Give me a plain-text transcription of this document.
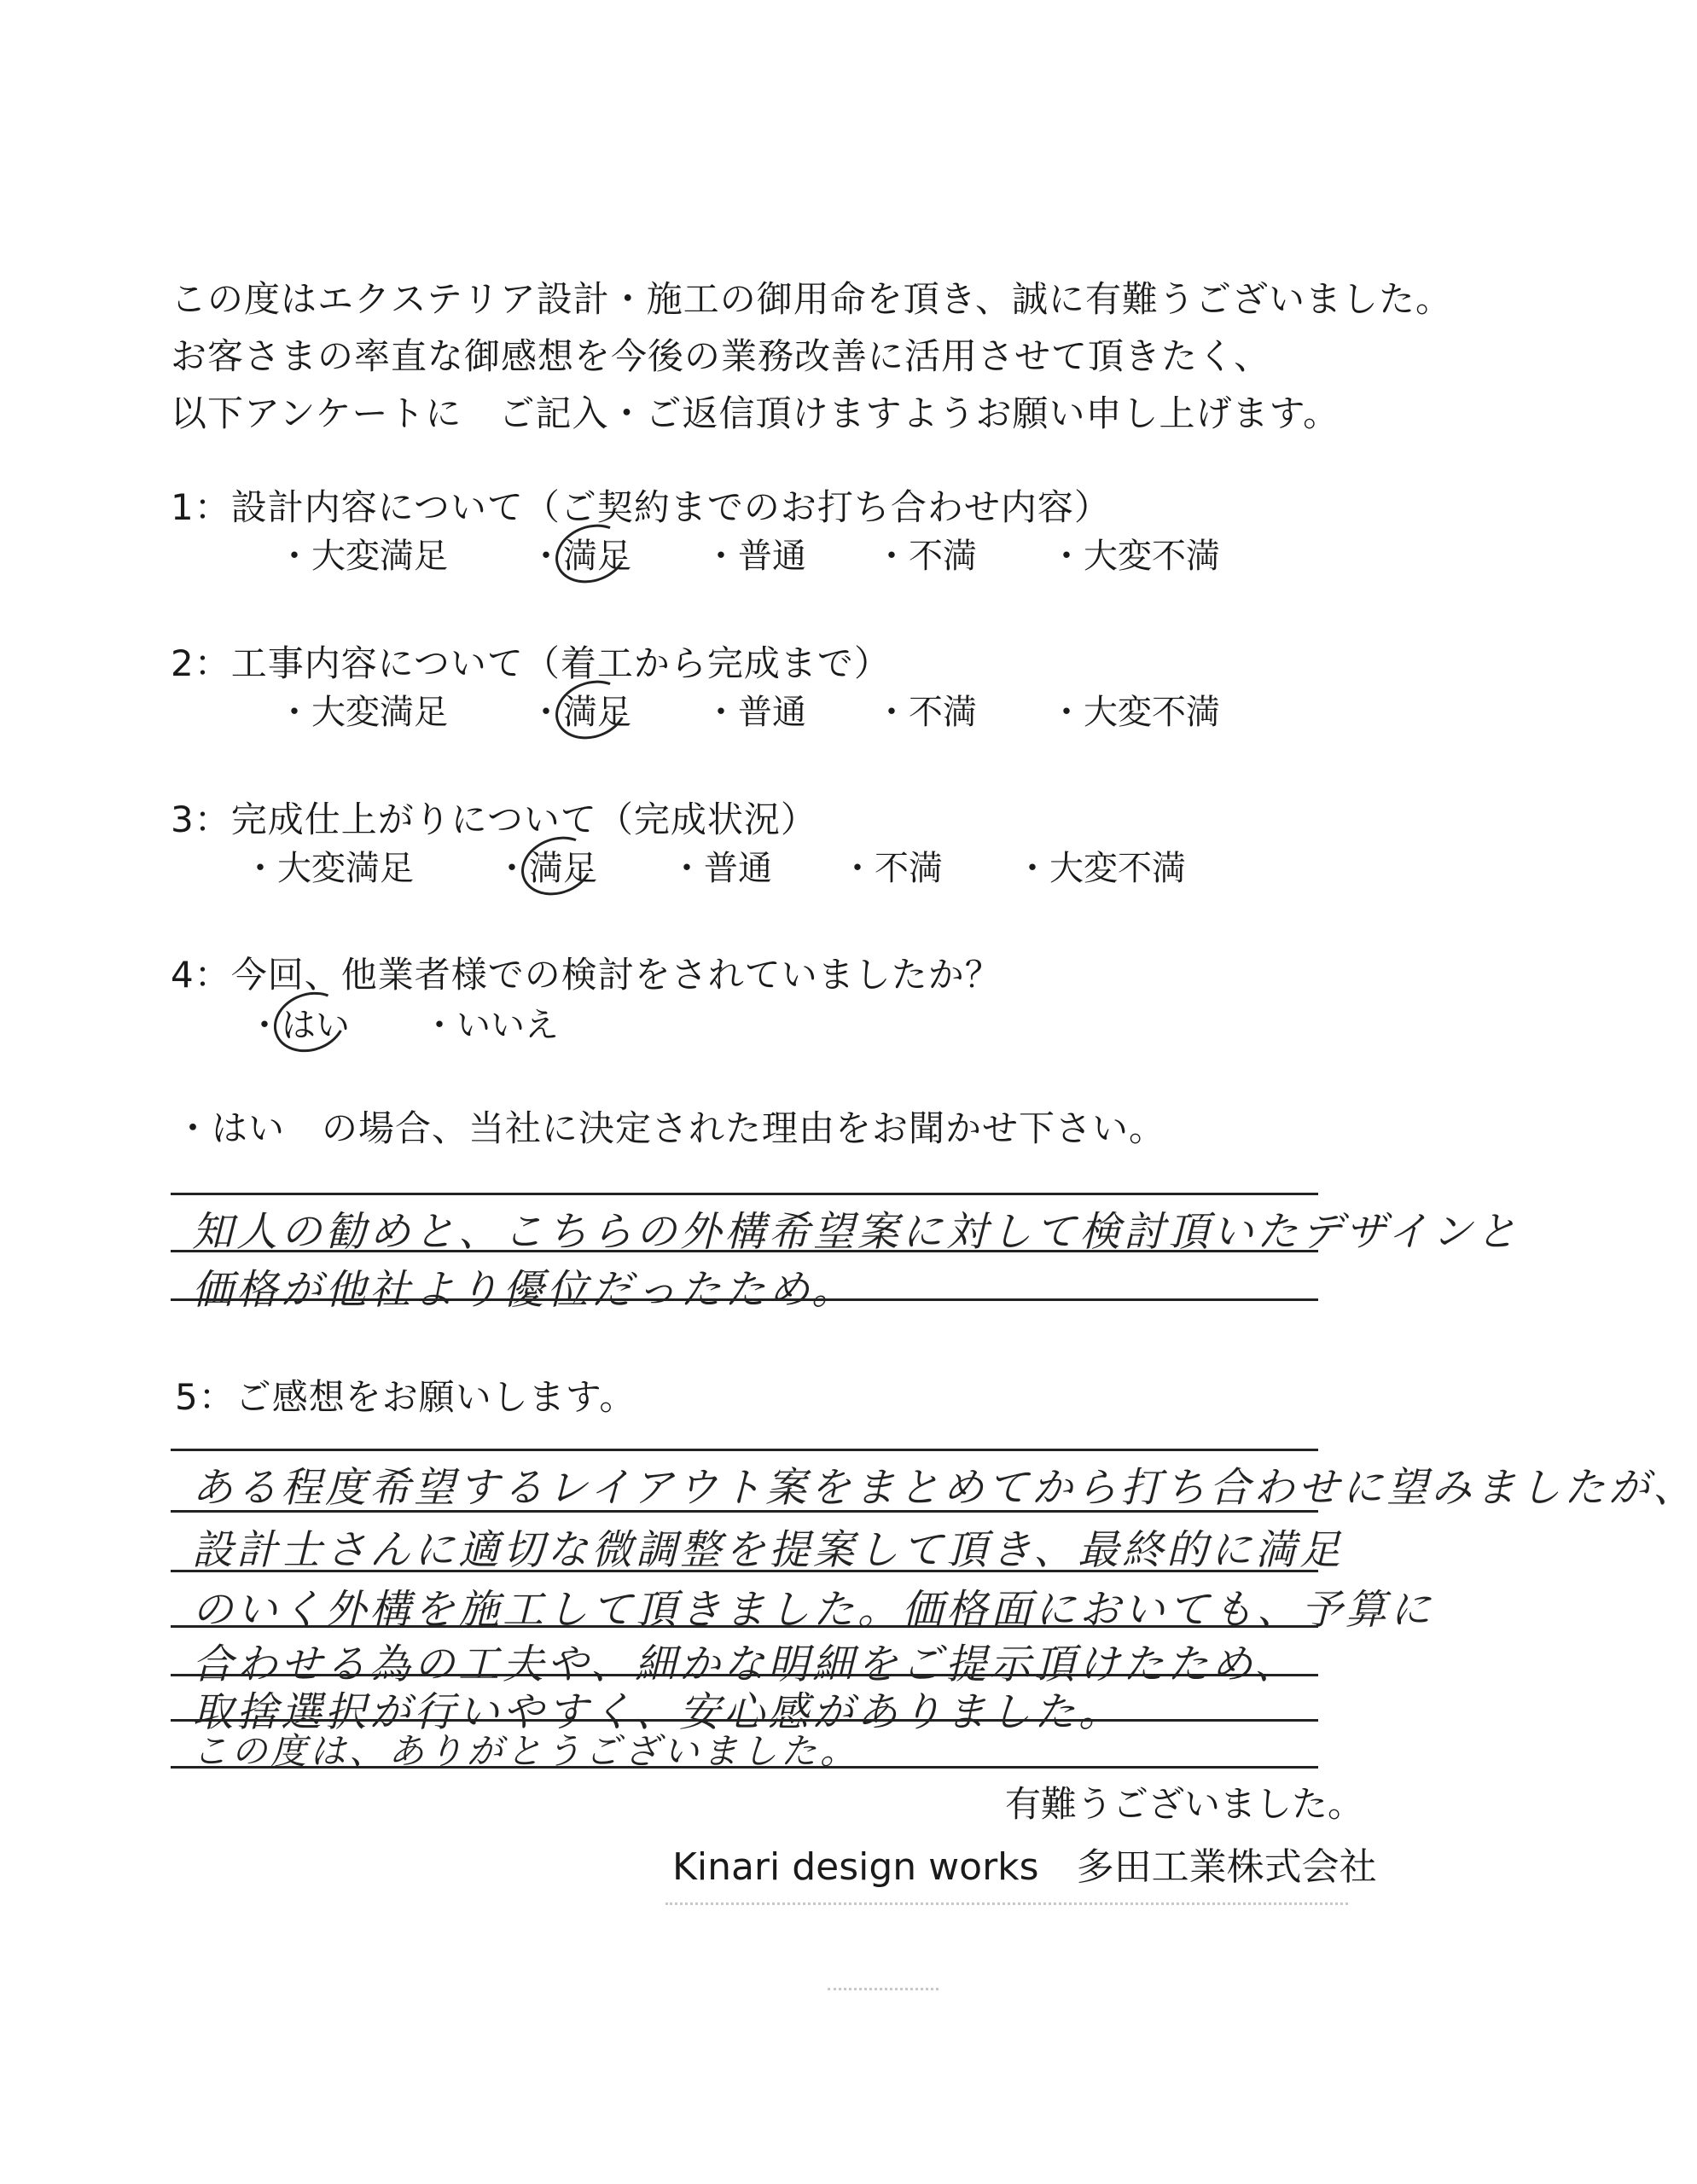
この度はエクステリア設計・施工の御用命を頂き、誠に有難うございました。
お客さまの率直な御感想を今後の業務改善に活用させて頂きたく、
以下アンケートに　ご記入・ご返信頂けますようお願い申し上げます。
1：設計内容について（ご契約までのお打ち合わせ内容）
・大変満足 ・満足 ・普通 ・不満 ・大変不満
2：工事内容について（着工から完成まで）
・大変満足 ・満足 ・普通 ・不満 ・大変不満
3：完成仕上がりについて（完成状況）
・大変満足 ・満足 ・普通 ・不満 ・大変不満
4：今回、他業者様での検討をされていましたか？
・はい ・いいえ
・はい　の場合、当社に決定された理由をお聞かせ下さい。
知人の勧めと、こちらの外構希望案に対して検討頂いたデザインと
価格が他社より優位だったため。
5：ご感想をお願いします。
ある程度希望するレイアウト案をまとめてから打ち合わせに望みましたが、
設計士さんに適切な微調整を提案して頂き、最終的に満足
のいく外構を施工して頂きました。価格面においても、予算に
合わせる為の工夫や、細かな明細をご提示頂けたため、
取捨選択が行いやすく、安心感がありました。
この度は、ありがとうございました。
有難うございました。
Kinari design works　多田工業株式会社
